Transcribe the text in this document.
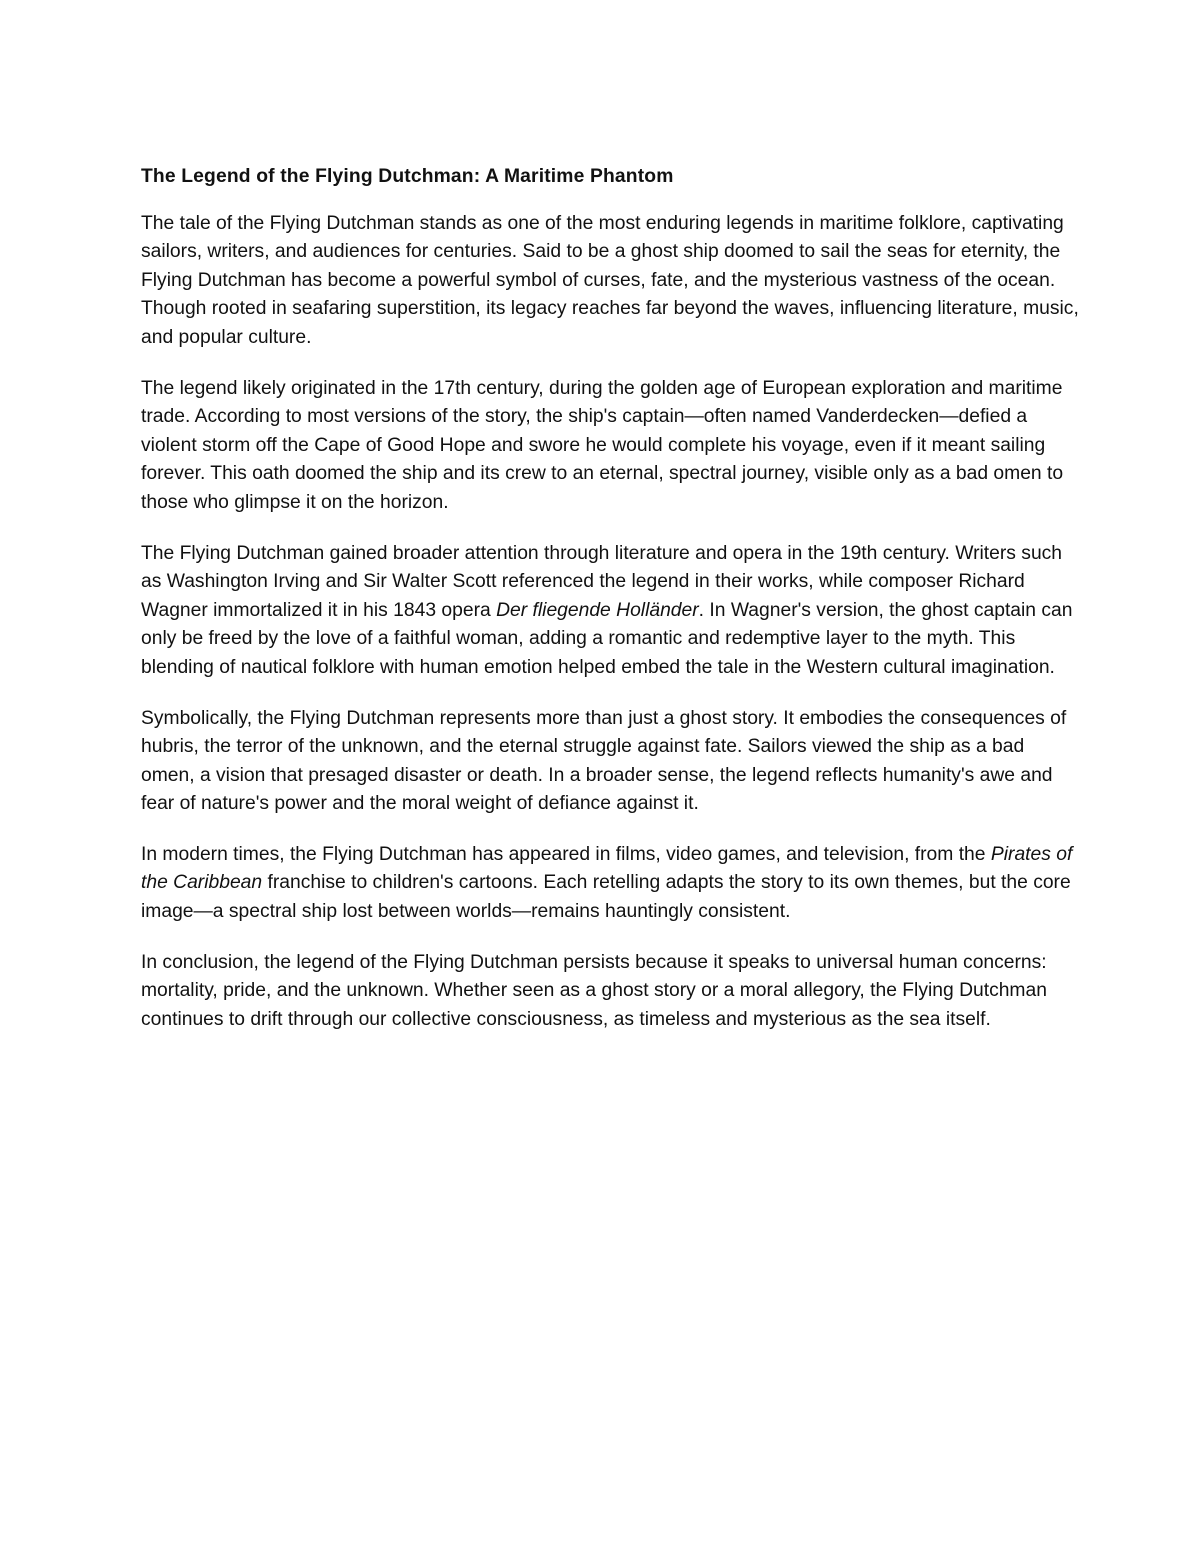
The Legend of the Flying Dutchman: A Maritime Phantom

The tale of the Flying Dutchman stands as one of the most enduring legends in maritime folklore, captivating sailors, writers, and audiences for centuries. Said to be a ghost ship doomed to sail the seas for eternity, the Flying Dutchman has become a powerful symbol of curses, fate, and the mysterious vastness of the ocean. Though rooted in seafaring superstition, its legacy reaches far beyond the waves, influencing literature, music, and popular culture.

The legend likely originated in the 17th century, during the golden age of European exploration and maritime trade. According to most versions of the story, the ship's captain—often named Vanderdecken—defied a violent storm off the Cape of Good Hope and swore he would complete his voyage, even if it meant sailing forever. This oath doomed the ship and its crew to an eternal, spectral journey, visible only as a bad omen to those who glimpse it on the horizon.

The Flying Dutchman gained broader attention through literature and opera in the 19th century. Writers such as Washington Irving and Sir Walter Scott referenced the legend in their works, while composer Richard Wagner immortalized it in his 1843 opera Der fliegende Holländer. In Wagner's version, the ghost captain can only be freed by the love of a faithful woman, adding a romantic and redemptive layer to the myth. This blending of nautical folklore with human emotion helped embed the tale in the Western cultural imagination.

Symbolically, the Flying Dutchman represents more than just a ghost story. It embodies the consequences of hubris, the terror of the unknown, and the eternal struggle against fate. Sailors viewed the ship as a bad omen, a vision that presaged disaster or death. In a broader sense, the legend reflects humanity's awe and fear of nature's power and the moral weight of defiance against it.

In modern times, the Flying Dutchman has appeared in films, video games, and television, from the Pirates of the Caribbean franchise to children's cartoons. Each retelling adapts the story to its own themes, but the core image—a spectral ship lost between worlds—remains hauntingly consistent.

In conclusion, the legend of the Flying Dutchman persists because it speaks to universal human concerns: mortality, pride, and the unknown. Whether seen as a ghost story or a moral allegory, the Flying Dutchman continues to drift through our collective consciousness, as timeless and mysterious as the sea itself.
